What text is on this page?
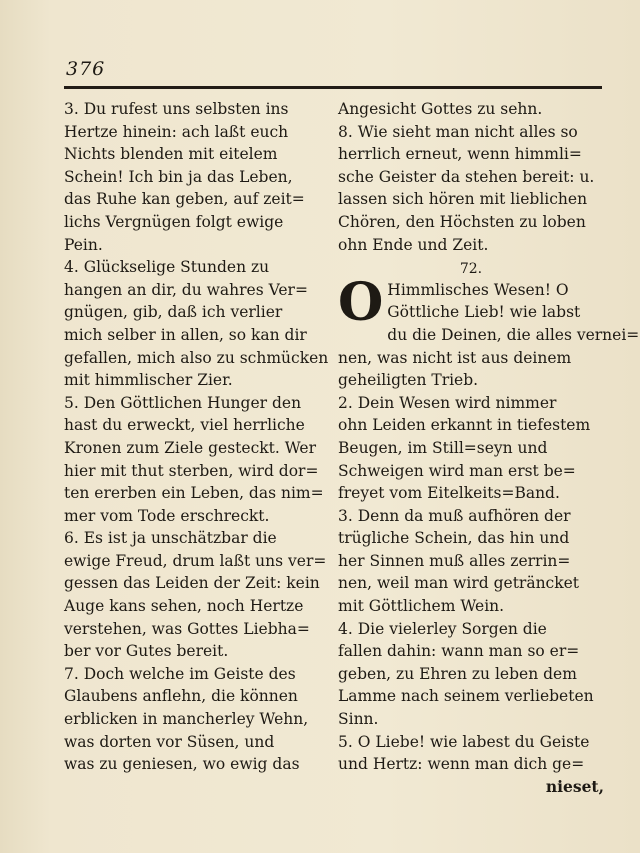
376
3. Du rufest uns selbsten ins
Hertze hinein: ach laßt euch
Nichts blenden mit eitelem
Schein! Ich bin ja das Leben,
das Ruhe kan geben, auf zeit=
lichs Vergnügen folgt ewige
Pein.
4. Glückselige Stunden zu
hangen an dir, du wahres Ver=
gnügen, gib, daß ich verlier
mich selber in allen, so kan dir
gefallen, mich also zu schmücken
mit himmlischer Zier.
5. Den Göttlichen Hunger den
hast du erweckt, viel herrliche
Kronen zum Ziele gesteckt. Wer
hier mit thut sterben, wird dor=
ten ererben ein Leben, das nim=
mer vom Tode erschreckt.
6. Es ist ja unschätzbar die
ewige Freud, drum laßt uns ver=
gessen das Leiden der Zeit: kein
Auge kans sehen, noch Hertze
verstehen, was Gottes Liebha=
ber vor Gutes bereit.
7. Doch welche im Geiste des
Glaubens anflehn, die können
erblicken in mancherley Wehn,
was dorten vor Süsen, und
was zu geniesen, wo ewig das
Angesicht Gottes zu sehn.
8. Wie sieht man nicht alles so
herrlich erneut, wenn himmli=
sche Geister da stehen bereit: u.
lassen sich hören mit lieblichen
Chören, den Höchsten zu loben
ohn Ende und Zeit.
72.
O Himmlisches Wesen! O
Göttliche Lieb! wie labst
du die Deinen, die alles vernei=
nen, was nicht ist aus deinem
geheiligten Trieb.
2. Dein Wesen wird nimmer
ohn Leiden erkannt in tiefestem
Beugen, im Still=seyn und
Schweigen wird man erst be=
freyet vom Eitelkeits=Band.
3. Denn da muß aufhören der
trügliche Schein, das hin und
her Sinnen muß alles zerrin=
nen, weil man wird geträncket
mit Göttlichem Wein.
4. Die vielerley Sorgen die
fallen dahin: wann man so er=
geben, zu Ehren zu leben dem
Lamme nach seinem verliebeten
Sinn.
5. O Liebe! wie labest du Geiste
und Hertz: wenn man dich ge=
nieset,
